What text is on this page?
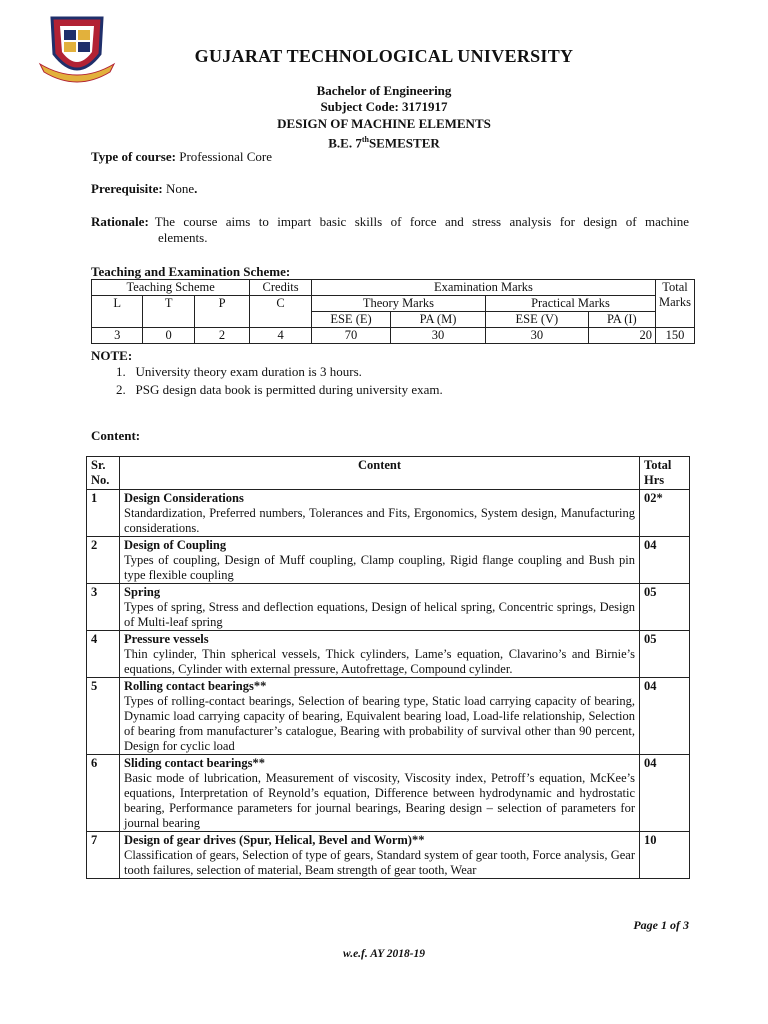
GUJARAT TECHNOLOGICAL UNIVERSITY
Bachelor of Engineering
Subject Code: 3171917
DESIGN OF MACHINE ELEMENTS
B.E. 7thSEMESTER
Type of course: Professional Core
Prerequisite: None.
Rationale: The course aims to impart basic skills of force and stress analysis for design of machine
elements.
Teaching and Examination Scheme:
Teaching Scheme			Credits	Examination Marks				Total
Marks
L	T	P	C	Theory Marks		Practical Marks		
				ESE (E)	PA (M)	ESE (V)	PA (I)	
3	0	2	4	70	30	30	20	150
NOTE:
1.   University theory exam duration is 3 hours.
2.   PSG design data book is permitted during university exam.
Content:
Sr. No.	Content	Total Hrs
1	Design Considerations
Standardization, Preferred numbers, Tolerances and Fits, Ergonomics, System design, Manufacturing considerations.	02*
2	Design of Coupling
Types of coupling, Design of Muff coupling, Clamp coupling, Rigid flange coupling and Bush pin type flexible coupling	04
3	Spring
Types of spring, Stress and deflection equations, Design of helical spring, Concentric springs, Design of Multi-leaf spring	05
4	Pressure vessels
Thin cylinder, Thin spherical vessels, Thick cylinders, Lame’s equation, Clavarino’s and Birnie’s equations, Cylinder with external pressure, Autofrettage, Compound cylinder.	05
5	Rolling contact bearings**
Types of rolling-contact bearings, Selection of bearing type, Static load carrying capacity of bearing, Dynamic load carrying capacity of bearing, Equivalent bearing load, Load-life relationship, Selection of bearing from manufacturer’s catalogue, Bearing with probability of survival other than 90 percent, Design for cyclic load	04
6	Sliding contact bearings**
Basic mode of lubrication, Measurement of viscosity, Viscosity index, Petroff’s equation, McKee’s equations, Interpretation of Reynold’s equation, Difference between hydrodynamic and hydrostatic bearing, Performance parameters for journal bearings, Bearing design – selection of parameters for journal bearing	04
7	Design of gear drives (Spur, Helical, Bevel and Worm)**
Classification of gears, Selection of type of gears, Standard system of gear tooth, Force analysis, Gear tooth failures, selection of material, Beam strength of gear tooth, Wear	10
Page 1 of 3
w.e.f. AY 2018-19
